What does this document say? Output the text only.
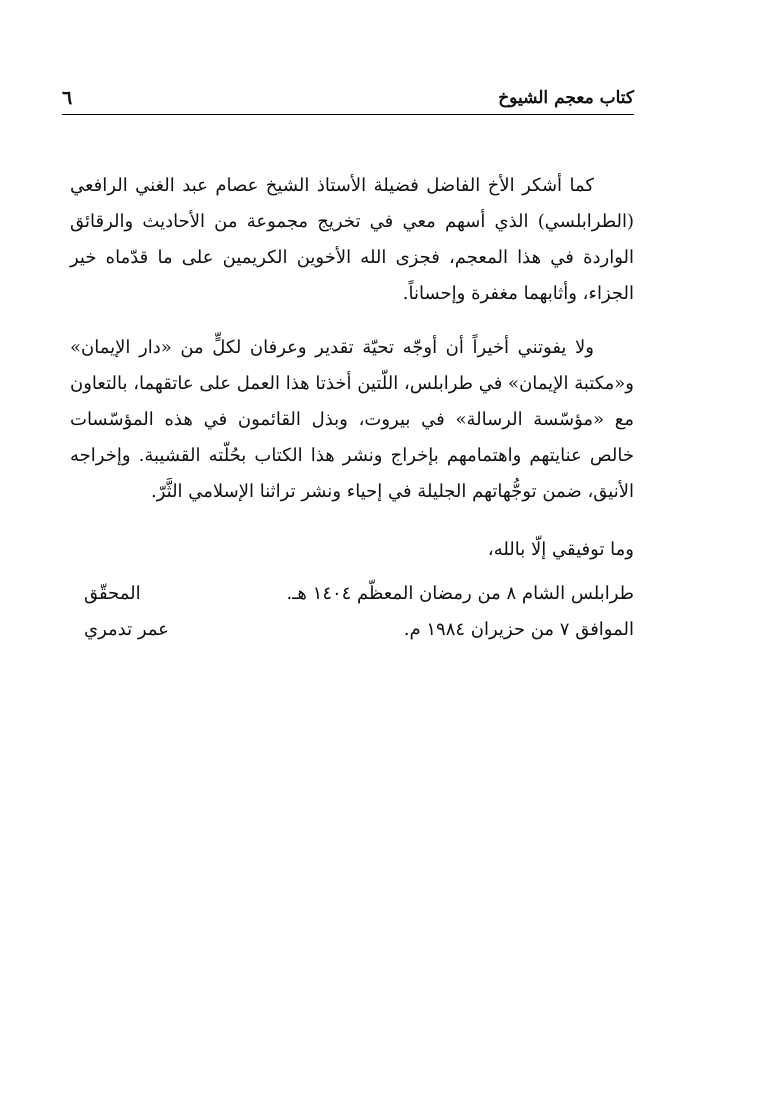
كتاب معجم الشيوخ
٦

كما أشكر الأخ الفاضل فضيلة الأستاذ الشيخ عصام عبد الغني الرافعي (الطرابلسي) الذي أسهم معي في تخريج مجموعة من الأحاديث والرقائق الواردة في هذا المعجم، فجزى الله الأخوين الكريمين على ما قدّماه خير الجزاء، وأثابهما مغفرة وإحساناً.

ولا يفوتني أخيراً أن أوجّه تحيّة تقدير وعرفان لكلٍّ من «دار الإيمان» و«مكتبة الإيمان» في طرابلس، اللّتين أخذتا هذا العمل على عاتقهما، بالتعاون مع «مؤسّسة الرسالة» في بيروت، وبذل القائمون في هذه المؤسّسات خالص عنايتهم واهتمامهم بإخراج ونشر هذا الكتاب بحُلّته القشيبة. وإخراجه الأنيق، ضمن توجُّهاتهم الجليلة في إحياء ونشر تراثنا الإسلامي الثَّرّ.

وما توفيقي إلّا بالله،
طرابلس الشام ٨ من رمضان المعظّم ١٤٠٤ هـ.
المحقّق
الموافق ٧ من حزيران ١٩٨٤ م.
عمر تدمري
